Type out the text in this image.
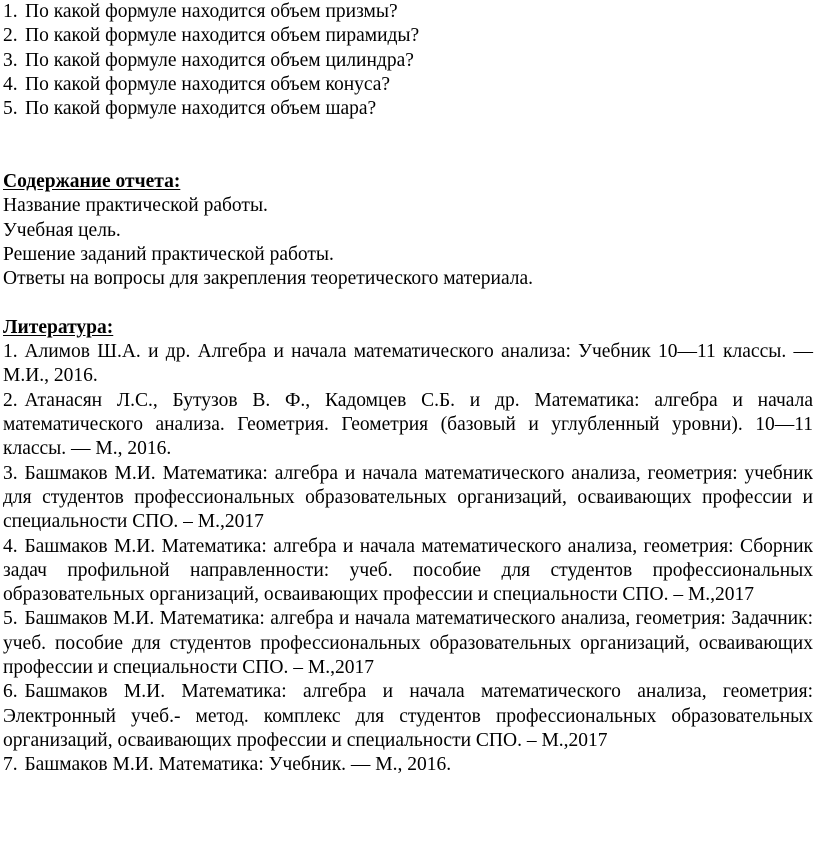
1. По какой формуле находится объем призмы?
2. По какой формуле находится объем пирамиды?
3. По какой формуле находится объем цилиндра?
4. По какой формуле находится объем конуса?
5. По какой формуле находится объем шара?
Содержание отчета:
Название практической работы.
Учебная цель.
Решение заданий практической работы.
Ответы на вопросы для закрепления теоретического материала.
Литература:
1. Алимов Ш.А. и др. Алгебра и начала математического анализа: Учебник 10—11 классы. — М.И., 2016.
2. Атанасян Л.С., Бутузов В. Ф., Кадомцев С.Б. и др. Математика: алгебра и начала математического анализа. Геометрия. Геометрия (базовый и углубленный уровни). 10—11 классы. — М., 2016.
3. Башмаков М.И. Математика: алгебра и начала математического анализа, геометрия: учебник для студентов профессиональных образовательных организаций, осваивающих профессии и специальности СПО. – М.,2017
4. Башмаков М.И. Математика: алгебра и начала математического анализа, геометрия: Сборник задач профильной направленности: учеб. пособие для студентов профессиональных образовательных организаций, осваивающих профессии и специальности СПО. – М.,2017
5. Башмаков М.И. Математика: алгебра и начала математического анализа, геометрия: Задачник: учеб. пособие для студентов профессиональных образовательных организаций, осваивающих профессии и специальности СПО. – М.,2017
6. Башмаков М.И. Математика: алгебра и начала математического анализа, геометрия: Электронный учеб.- метод. комплекс для студентов профессиональных образовательных организаций, осваивающих профессии и специальности СПО. – М.,2017
7. Башмаков М.И. Математика: Учебник. — М., 2016.
